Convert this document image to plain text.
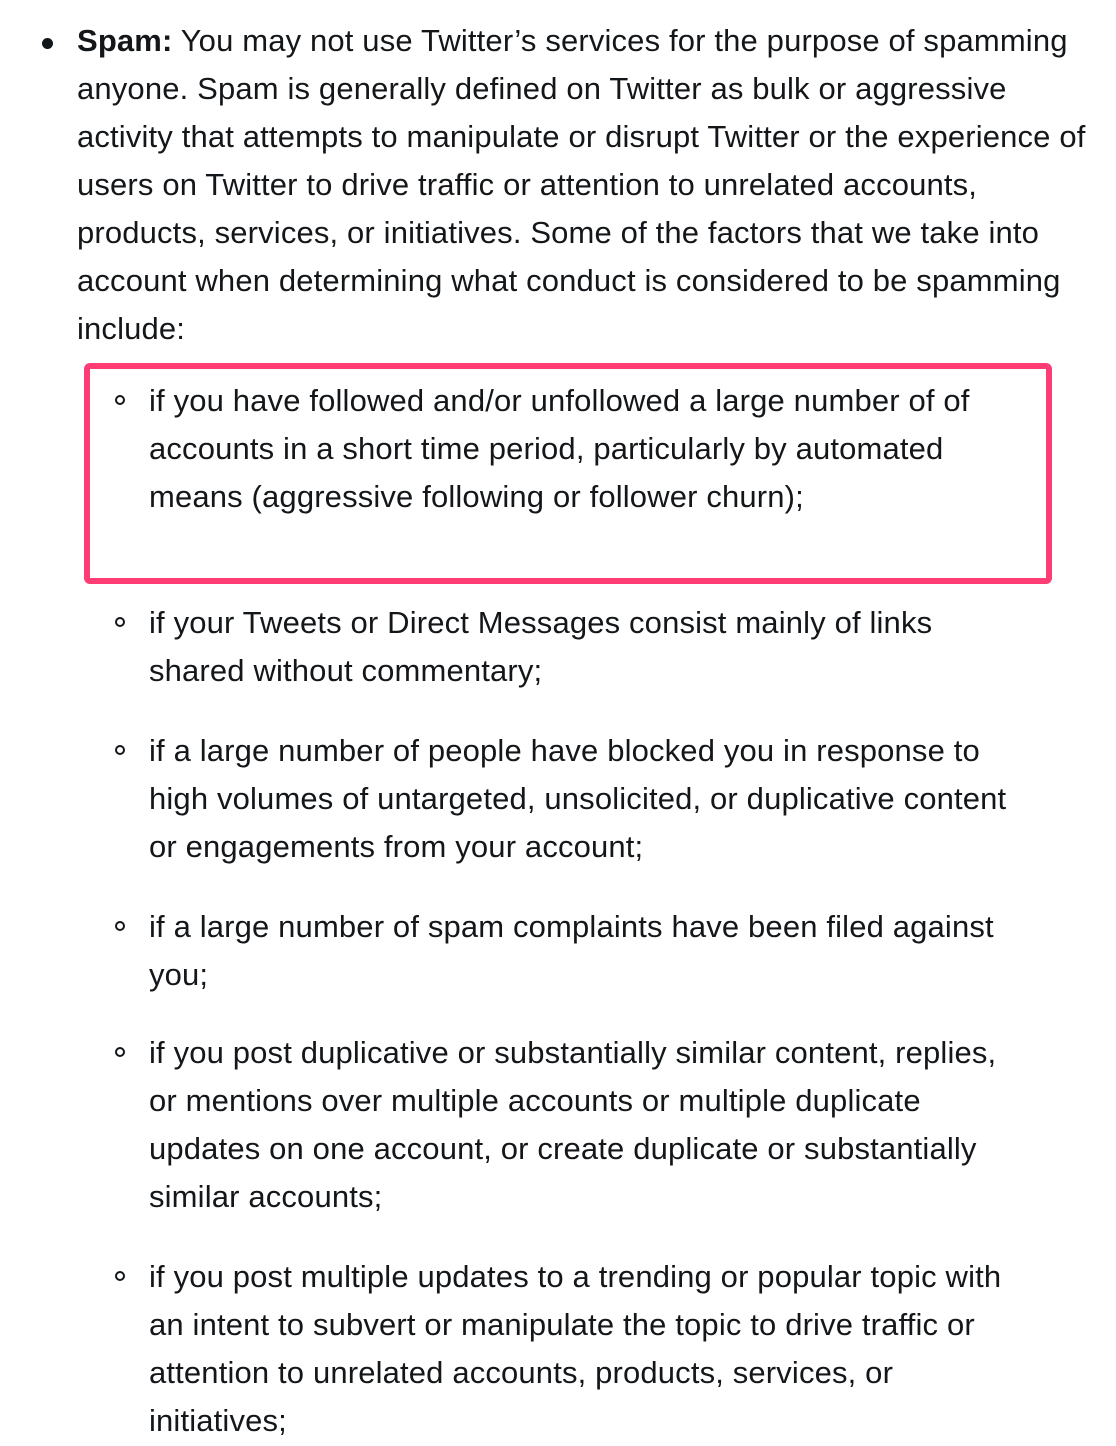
Spam: You may not use Twitter’s services for the purpose of spamming anyone. Spam is generally defined on Twitter as bulk or aggressive activity that attempts to manipulate or disrupt Twitter or the experience of users on Twitter to drive traffic or attention to unrelated accounts, products, services, or initiatives. Some of the factors that we take into account when determining what conduct is considered to be spamming include:

if you have followed and/or unfollowed a large number of of accounts in a short time period, particularly by automated means (aggressive following or follower churn);
if your Tweets or Direct Messages consist mainly of links shared without commentary;
if a large number of people have blocked you in response to high volumes of untargeted, unsolicited, or duplicative content or engagements from your account;
if a large number of spam complaints have been filed against you;
if you post duplicative or substantially similar content, replies, or mentions over multiple accounts or multiple duplicate updates on one account, or create duplicate or substantially similar accounts;
if you post multiple updates to a trending or popular topic with an intent to subvert or manipulate the topic to drive traffic or attention to unrelated accounts, products, services, or initiatives;
